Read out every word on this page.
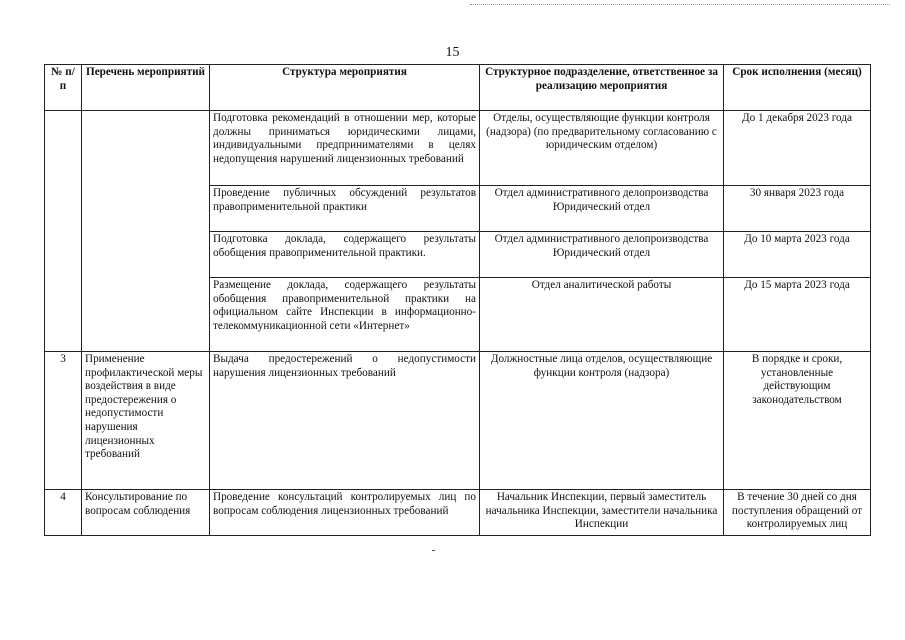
15
№ п/п	Перечень мероприятий	Структура мероприятия	Структурное подразделение, ответственное за реализацию мероприятия	Срок исполнения (месяц)
		Подготовка рекомендаций в отношении мер, которые должны приниматься юридическими лицами, индивидуальными предпринимателями в целях недопущения нарушений лицензионных требований	Отделы, осуществляющие функции контроля (надзора) (по предварительному согласованию с юридическим отделом)	До 1 декабря 2023 года
		Проведение публичных обсуждений результатов правоприменительной практики	Отдел административного делопроизводства Юридический отдел	30 января 2023 года
		Подготовка доклада, содержащего результаты обобщения правоприменительной практики.	Отдел административного делопроизводства Юридический отдел	До 10 марта 2023 года
		Размещение доклада, содержащего результаты обобщения правоприменительной практики на официальном сайте Инспекции в информационно-телекоммуникационной сети «Интернет»	Отдел аналитической работы	До 15 марта 2023 года
3	Применение профилактической меры воздействия в виде предостережения о недопустимости нарушения лицензионных требований	Выдача предостережений о недопустимости нарушения лицензионных требований	Должностные лица отделов, осуществляющие функции контроля (надзора)	В порядке и сроки, установленные действующим законодательством
4	Консультирование по вопросам соблюдения	Проведение консультаций контролируемых лиц по вопросам соблюдения лицензионных требований	Начальник Инспекции, первый заместитель начальника Инспекции, заместители начальника Инспекции	В течение 30 дней со дня поступления обращений от контролируемых лиц
